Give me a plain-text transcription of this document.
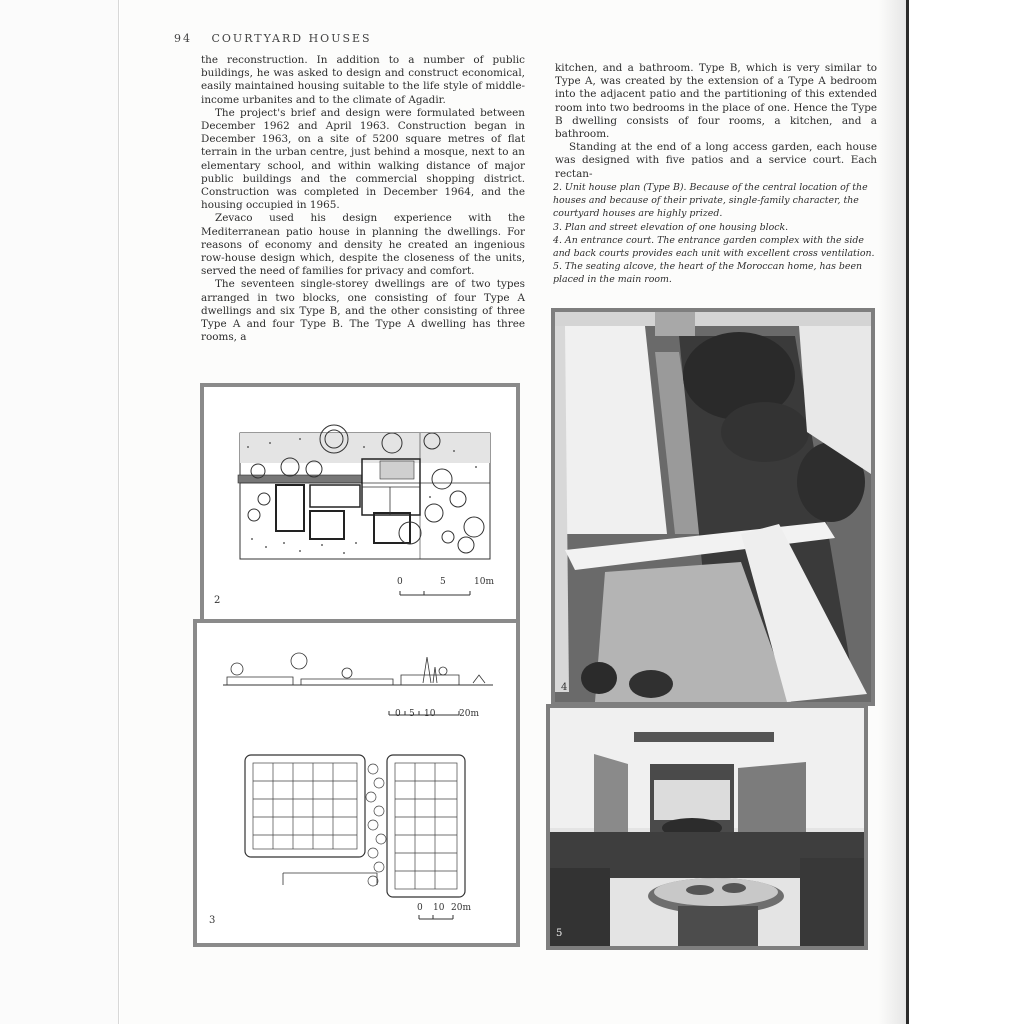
94 COURTYARD HOUSES

the reconstruction. In addition to a number of public buildings, he was asked to design and construct economical, easily maintained housing suitable to the life style of middle-income urbanites and to the climate of Agadir.

The project's brief and design were formulated between December 1962 and April 1963. Construction began in December 1963, on a site of 5200 square metres of flat terrain in the urban centre, just behind a mosque, next to an elementary school, and within walking distance of major public buildings and the commercial shopping district. Construction was completed in December 1964, and the housing occupied in 1965.

Zevaco used his design experience with the Mediterranean patio house in planning the dwellings. For reasons of economy and density he created an ingenious row-house design which, despite the closeness of the units, served the need of families for privacy and comfort.

The seventeen single-storey dwellings are of two types arranged in two blocks, one consisting of four Type A dwellings and six Type B, and the other consisting of three Type A and four Type B. The Type A dwelling has three rooms, a

kitchen, and a bathroom. Type B, which is very similar to Type A, was created by the extension of a Type A bedroom into the adjacent patio and the partitioning of this extended room into two bedrooms in the place of one. Hence the Type B dwelling consists of four rooms, a kitchen, and a bathroom.

Standing at the end of a long access garden, each house was designed with five patios and a service court. Each rectan-

2. Unit house plan (Type B). Because of the central location of the houses and because of their private, single-family character, the courtyard houses are highly prized.

3. Plan and street elevation of one housing block.

4. An entrance court. The entrance garden complex with the side and back courts provides each unit with excellent cross ventilation.

5. The seating alcove, the heart of the Moroccan home, has been placed in the main room.

0	5	10m
2
0 5 10	20m
0 10 20m
3
4
5
